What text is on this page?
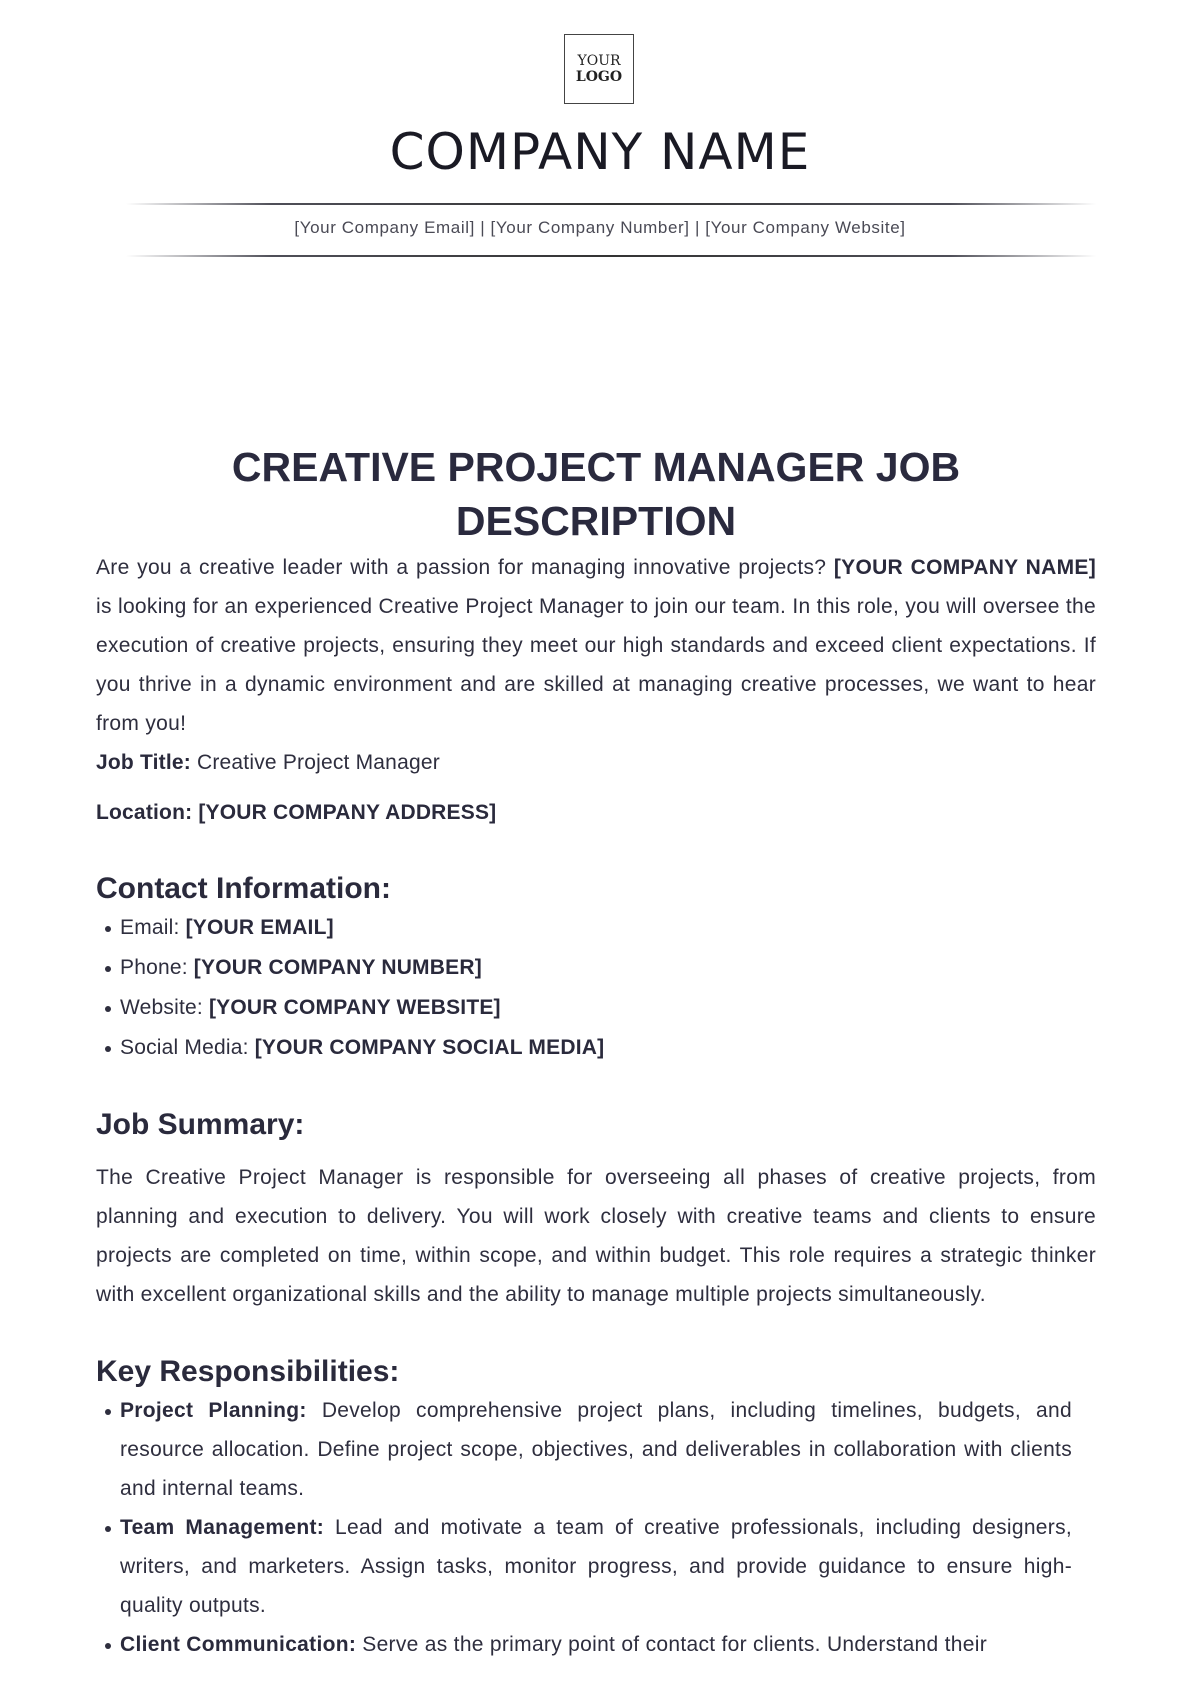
YOUR
LOGO
COMPANY NAME
[Your Company Email] | [Your Company Number] | [Your Company Website]
CREATIVE PROJECT MANAGER JOB
DESCRIPTION

Are you a creative leader with a passion for managing innovative projects? [YOUR COMPANY NAME] is looking for an experienced Creative Project Manager to join our team. In this role, you will oversee the execution of creative projects, ensuring they meet our high standards and exceed client expectations. If you thrive in a dynamic environment and are skilled at managing creative processes, we want to hear from you!

Job Title: Creative Project Manager

Location: [YOUR COMPANY ADDRESS]

Contact Information:
Email: [YOUR EMAIL]
Phone: [YOUR COMPANY NUMBER]
Website: [YOUR COMPANY WEBSITE]
Social Media: [YOUR COMPANY SOCIAL MEDIA]
Job Summary:

The Creative Project Manager is responsible for overseeing all phases of creative projects, from planning and execution to delivery. You will work closely with creative teams and clients to ensure projects are completed on time, within scope, and within budget. This role requires a strategic thinker with excellent organizational skills and the ability to manage multiple projects simultaneously.

Key Responsibilities:
Project Planning: Develop comprehensive project plans, including timelines, budgets, and resource allocation. Define project scope, objectives, and deliverables in collaboration with clients and internal teams.
Team Management: Lead and motivate a team of creative professionals, including designers, writers, and marketers. Assign tasks, monitor progress, and provide guidance to ensure high-quality outputs.
Client Communication: Serve as the primary point of contact for clients. Understand their
